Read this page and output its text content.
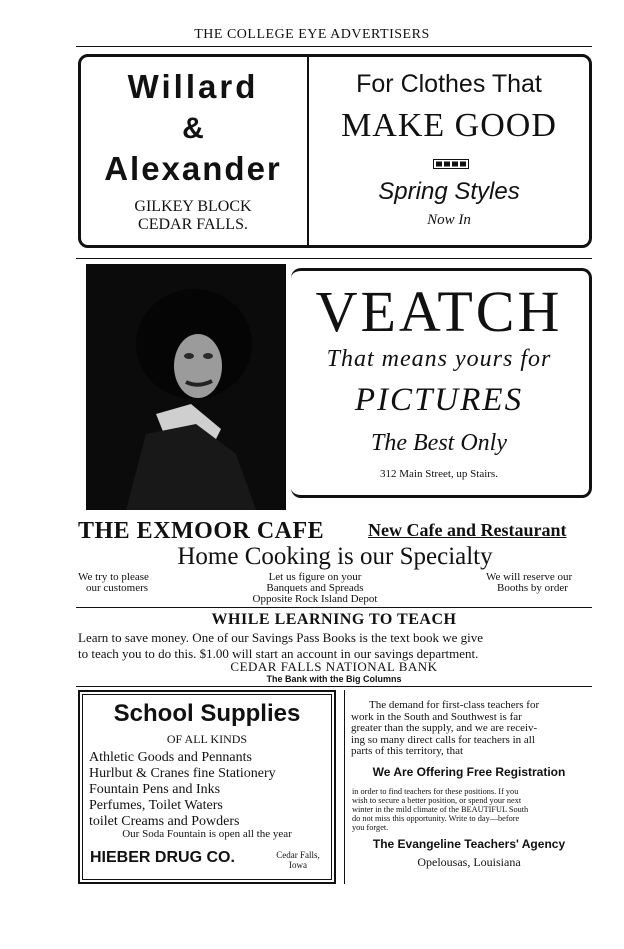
THE COLLEGE EYE ADVERTISERS
Willard
&
Alexander
GILKEY BLOCK
CEDAR FALLS.
For Clothes That
MAKE GOOD
Spring Styles
Now In
VEATCH
That means yours for
PICTURES
The Best Only
312 Main Street, up Stairs.
THE EXMOOR CAFE New Cafe and Restaurant
Home Cooking is our Specialty
We try to please
our customers
Let us figure on your
Banquets and Spreads
Opposite Rock Island Depot
We will reserve our
Booths by order
WHILE LEARNING TO TEACH
Learn to save money. One of our Savings Pass Books is the text book we give
to teach you to do this. $1.00 will start an account in our savings department.
CEDAR FALLS NATIONAL BANK
The Bank with the Big Columns
School Supplies
OF ALL KINDS
Athletic Goods and Pennants
Hurlbut & Cranes fine Stationery
Fountain Pens and Inks
Perfumes, Toilet Waters
toilet Creams and Powders
Our Soda Fountain is open all the year
HIEBER DRUG CO.	Cedar Falls,
Iowa
The demand for first-class teachers for
work in the South and Southwest is far
greater than the supply, and we are receiv-
ing so many direct calls for teachers in all
parts of this territory, that
We Are Offering Free Registration
in order to find teachers for these positions. If you
wish to secure a better position, or spend your next
winter in the mild climate of the BEAUTIFUL South
do not miss this opportunity. Write to day—before
you forget.
The Evangeline Teachers' Agency
Opelousas, Louisiana
